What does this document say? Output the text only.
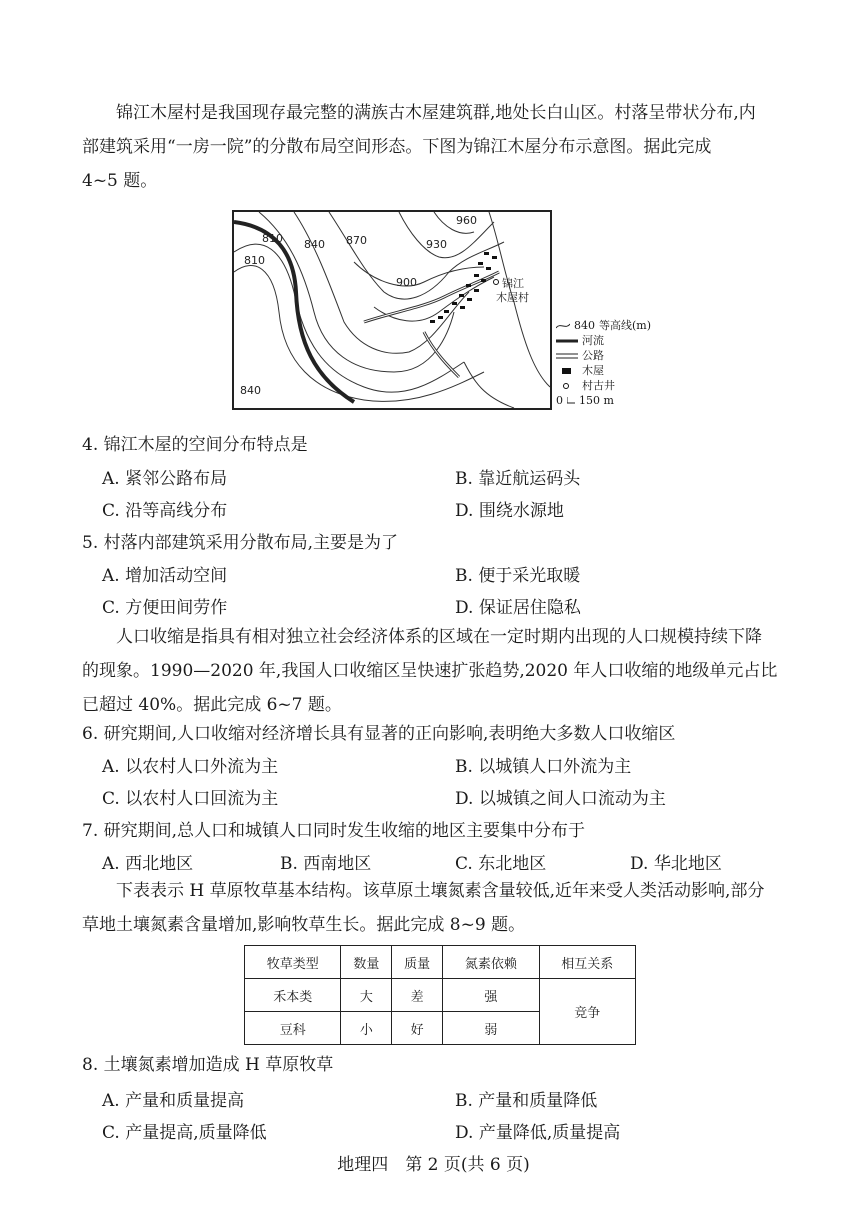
锦江木屋村是我国现存最完整的满族古木屋建筑群,地处长白山区。村落呈带状分布,内
部建筑采用“一房一院”的分散布局空间形态。下图为锦江木屋分布示意图。据此完成
4~5 题。
810 840 870	930
960
900
810
840
锦江
木屋村
840 等高线(m)
河流
公路
木屋
村古井
0 150 m
4. 锦江木屋的空间分布特点是
A. 紧邻公路布局	B. 靠近航运码头
C. 沿等高线分布	D. 围绕水源地
5. 村落内部建筑采用分散布局,主要是为了
A. 增加活动空间	B. 便于采光取暖
C. 方便田间劳作	D. 保证居住隐私
人口收缩是指具有相对独立社会经济体系的区域在一定时期内出现的人口规模持续下降
的现象。1990—2020 年,我国人口收缩区呈快速扩张趋势,2020 年人口收缩的地级单元占比
已超过 40%。据此完成 6~7 题。
6. 研究期间,人口收缩对经济增长具有显著的正向影响,表明绝大多数人口收缩区
A. 以农村人口外流为主	B. 以城镇人口外流为主
C. 以农村人口回流为主	D. 以城镇之间人口流动为主
7. 研究期间,总人口和城镇人口同时发生收缩的地区主要集中分布于
A. 西北地区	B. 西南地区	C. 东北地区	D. 华北地区
下表表示 H 草原牧草基本结构。该草原土壤氮素含量较低,近年来受人类活动影响,部分
草地土壤氮素含量增加,影响牧草生长。据此完成 8~9 题。
牧草类型	数量	质量	氮素依赖	相互关系
禾本类	大	差	强	竞争
豆科	小	好	弱	
8. 土壤氮素增加造成 H 草原牧草
A. 产量和质量提高	B. 产量和质量降低
C. 产量提高,质量降低	D. 产量降低,质量提高
地理四　第 2 页(共 6 页)
